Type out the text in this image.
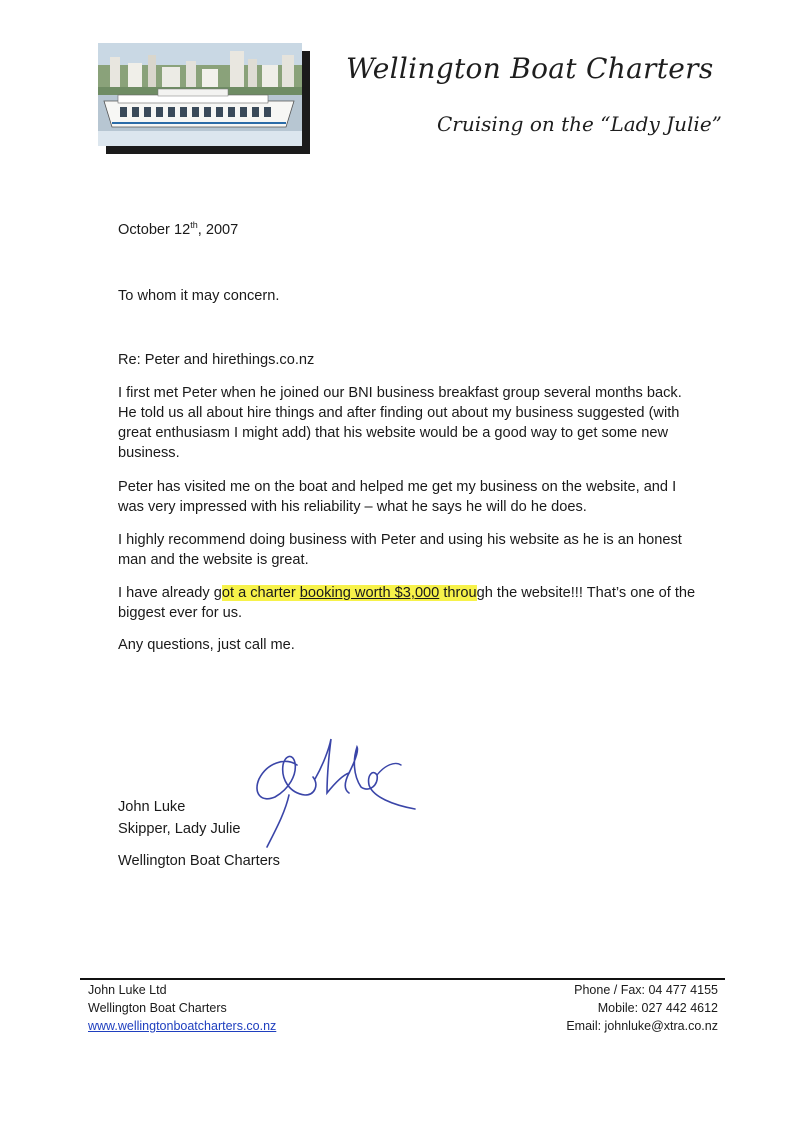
Wellington Boat Charters

Cruising on the “Lady Julie”

October 12th, 2007

To whom it may concern.

Re: Peter and hirethings.co.nz

I first met Peter when he joined our BNI business breakfast group several months back. He told us all about hire things and after finding out about my business suggested (with great enthusiasm I might add) that his website would be a good way to get some new business.

Peter has visited me on the boat and helped me get my business on the website, and I was very impressed with his reliability – what he says he will do he does.

I highly recommend doing business with Peter and using his website as he is an honest man and the website is great.

I have already got a charter booking worth $3,000 through the website!!! That’s one of the biggest ever for us.

Any questions, just call me.

John Luke

Skipper, Lady Julie

Wellington Boat Charters

John Luke Ltd
Wellington Boat Charters
www.wellingtonboatcharters.co.nz
Phone / Fax: 04 477 4155
Mobile: 027 442 4612
Email: johnluke@xtra.co.nz
